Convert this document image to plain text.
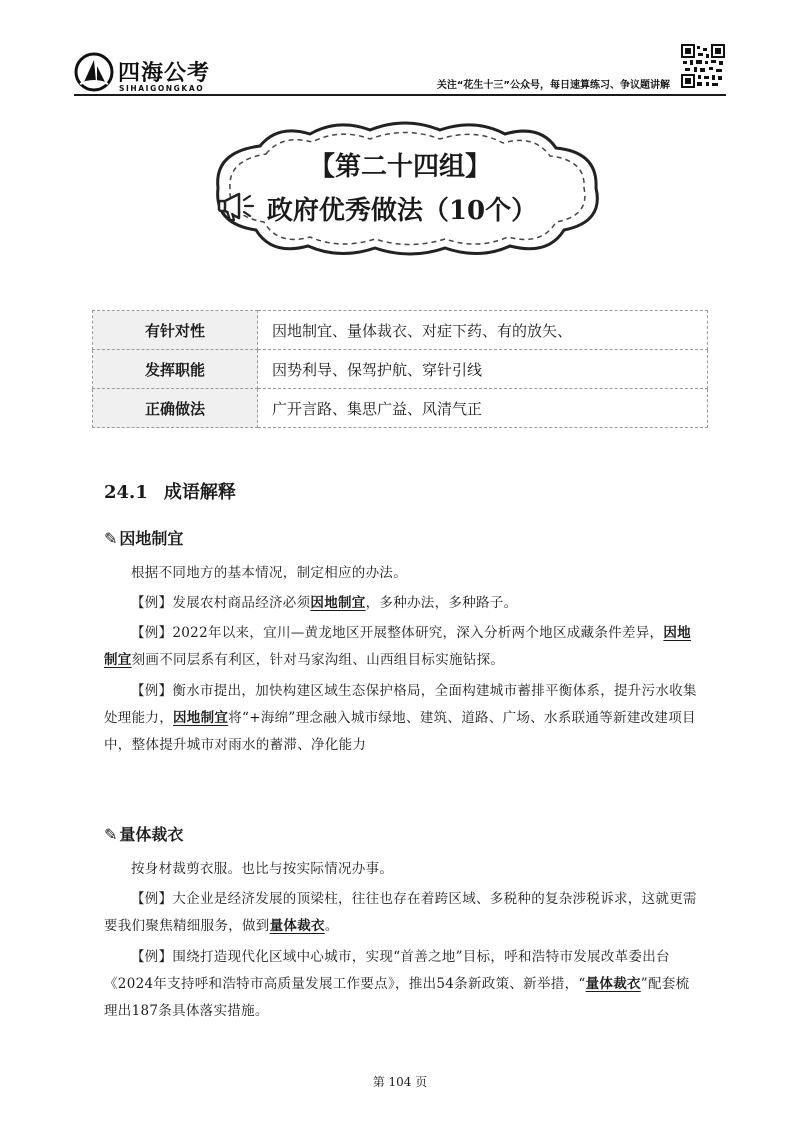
四海公考
SIHAIGONGKAO	关注“花生十三”公众号，每日速算练习、争议题讲解
【第二十四组】
政府优秀做法（10个）
有针对性	因地制宜、量体裁衣、对症下药、有的放矢、
发挥职能	因势利导、保驾护航、穿针引线
正确做法	广开言路、集思广益、风清气正
24.1 成语解释
✎ 因地制宜
根据不同地方的基本情况，制定相应的办法。
【例】发展农村商品经济必须因地制宜，多种办法，多种路子。
【例】2022年以来，宜川—黄龙地区开展整体研究，深入分析两个地区成藏条件差异，因地制宜刻画不同层系有利区，针对马家沟组、山西组目标实施钻探。
【例】衡水市提出，加快构建区域生态保护格局，全面构建城市蓄排平衡体系，提升污水收集处理能力，因地制宜将“+海绵”理念融入城市绿地、建筑、道路、广场、水系联通等新建改建项目中，整体提升城市对雨水的蓄滞、净化能力
✎ 量体裁衣
按身材裁剪衣服。也比与按实际情况办事。
【例】大企业是经济发展的顶梁柱，往往也存在着跨区域、多税种的复杂涉税诉求，这就更需要我们聚焦精细服务，做到量体裁衣。
【例】围绕打造现代化区域中心城市，实现“首善之地”目标，呼和浩特市发展改革委出台《2024年支持呼和浩特市高质量发展工作要点》，推出54条新政策、新举措，“量体裁衣”配套梳理出187条具体落实措施。
第 104 页
